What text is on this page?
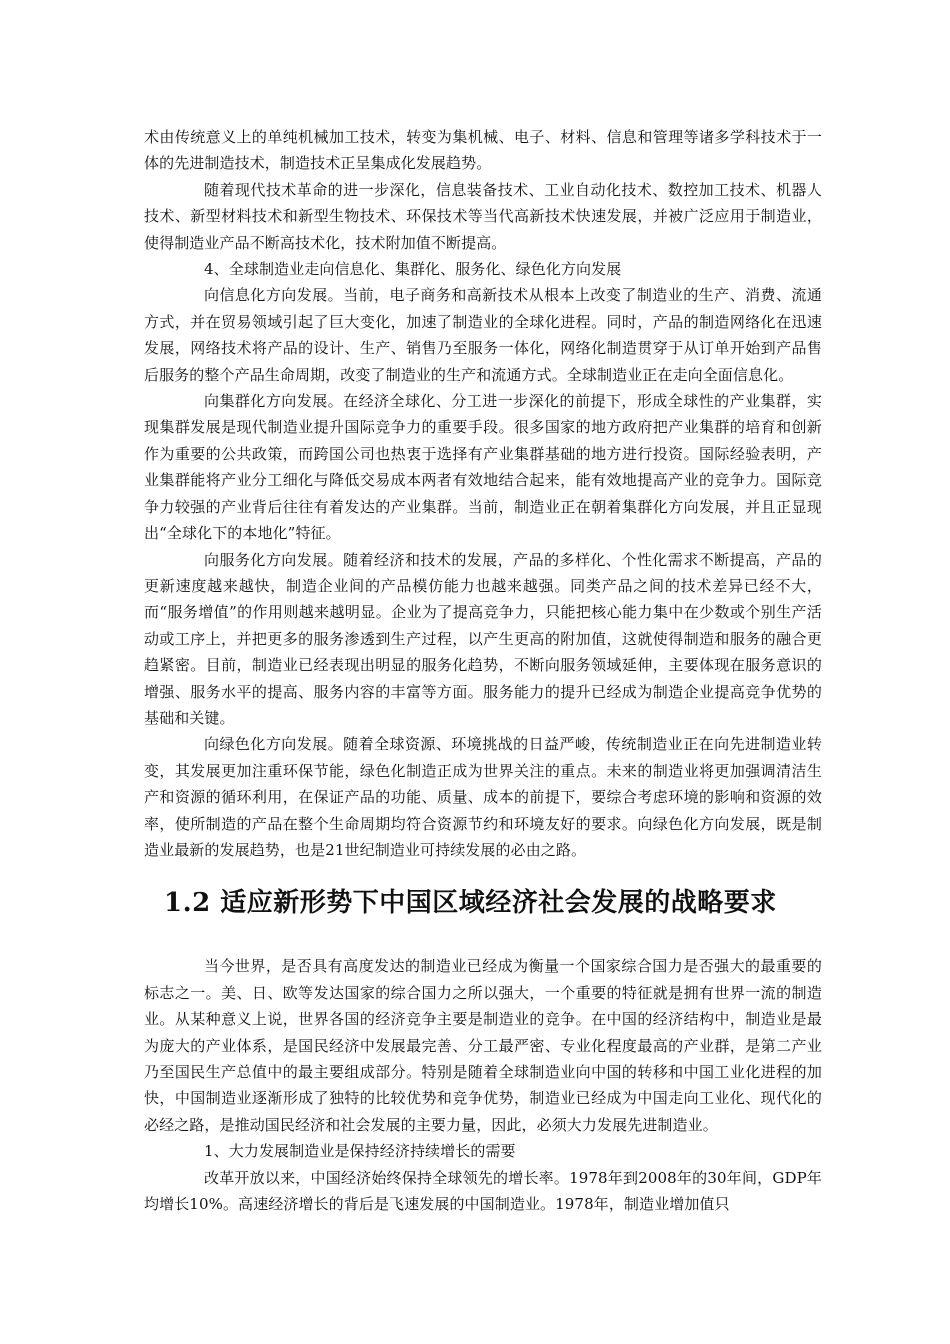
术由传统意义上的单纯机械加工技术，转变为集机械、电子、材料、信息和管理等诸多学科技术于一体的先进制造技术，制造技术正呈集成化发展趋势。

随着现代技术革命的进一步深化，信息装备技术、工业自动化技术、数控加工技术、机器人技术、新型材料技术和新型生物技术、环保技术等当代高新技术快速发展，并被广泛应用于制造业，使得制造业产品不断高技术化，技术附加值不断提高。

4、全球制造业走向信息化、集群化、服务化、绿色化方向发展

向信息化方向发展。当前，电子商务和高新技术从根本上改变了制造业的生产、消费、流通方式，并在贸易领域引起了巨大变化，加速了制造业的全球化进程。同时，产品的制造网络化在迅速发展，网络技术将产品的设计、生产、销售乃至服务一体化，网络化制造贯穿于从订单开始到产品售后服务的整个产品生命周期，改变了制造业的生产和流通方式。全球制造业正在走向全面信息化。

向集群化方向发展。在经济全球化、分工进一步深化的前提下，形成全球性的产业集群，实现集群发展是现代制造业提升国际竞争力的重要手段。很多国家的地方政府把产业集群的培育和创新作为重要的公共政策，而跨国公司也热衷于选择有产业集群基础的地方进行投资。国际经验表明，产业集群能将产业分工细化与降低交易成本两者有效地结合起来，能有效地提高产业的竞争力。国际竞争力较强的产业背后往往有着发达的产业集群。当前，制造业正在朝着集群化方向发展，并且正显现出“全球化下的本地化”特征。

向服务化方向发展。随着经济和技术的发展，产品的多样化、个性化需求不断提高，产品的更新速度越来越快，制造企业间的产品模仿能力也越来越强。同类产品之间的技术差异已经不大，而“服务增值”的作用则越来越明显。企业为了提高竞争力，只能把核心能力集中在少数或个别生产活动或工序上，并把更多的服务渗透到生产过程，以产生更高的附加值，这就使得制造和服务的融合更趋紧密。目前，制造业已经表现出明显的服务化趋势，不断向服务领域延伸，主要体现在服务意识的增强、服务水平的提高、服务内容的丰富等方面。服务能力的提升已经成为制造企业提高竞争优势的基础和关键。

向绿色化方向发展。随着全球资源、环境挑战的日益严峻，传统制造业正在向先进制造业转变，其发展更加注重环保节能，绿色化制造正成为世界关注的重点。未来的制造业将更加强调清洁生产和资源的循环利用，在保证产品的功能、质量、成本的前提下，要综合考虑环境的影响和资源的效率，使所制造的产品在整个生命周期均符合资源节约和环境友好的要求。向绿色化方向发展，既是制造业最新的发展趋势，也是21世纪制造业可持续发展的必由之路。

1.2 适应新形势下中国区域经济社会发展的战略要求

当今世界，是否具有高度发达的制造业已经成为衡量一个国家综合国力是否强大的最重要的标志之一。美、日、欧等发达国家的综合国力之所以强大，一个重要的特征就是拥有世界一流的制造业。从某种意义上说，世界各国的经济竞争主要是制造业的竞争。在中国的经济结构中，制造业是最为庞大的产业体系，是国民经济中发展最完善、分工最严密、专业化程度最高的产业群，是第二产业乃至国民生产总值中的最主要组成部分。特别是随着全球制造业向中国的转移和中国工业化进程的加快，中国制造业逐渐形成了独特的比较优势和竞争优势，制造业已经成为中国走向工业化、现代化的必经之路，是推动国民经济和社会发展的主要力量，因此，必须大力发展先进制造业。

1、大力发展制造业是保持经济持续增长的需要

改革开放以来，中国经济始终保持全球领先的增长率。1978年到2008年的30年间，GDP年均增长10%。高速经济增长的背后是飞速发展的中国制造业。1978年，制造业增加值只
